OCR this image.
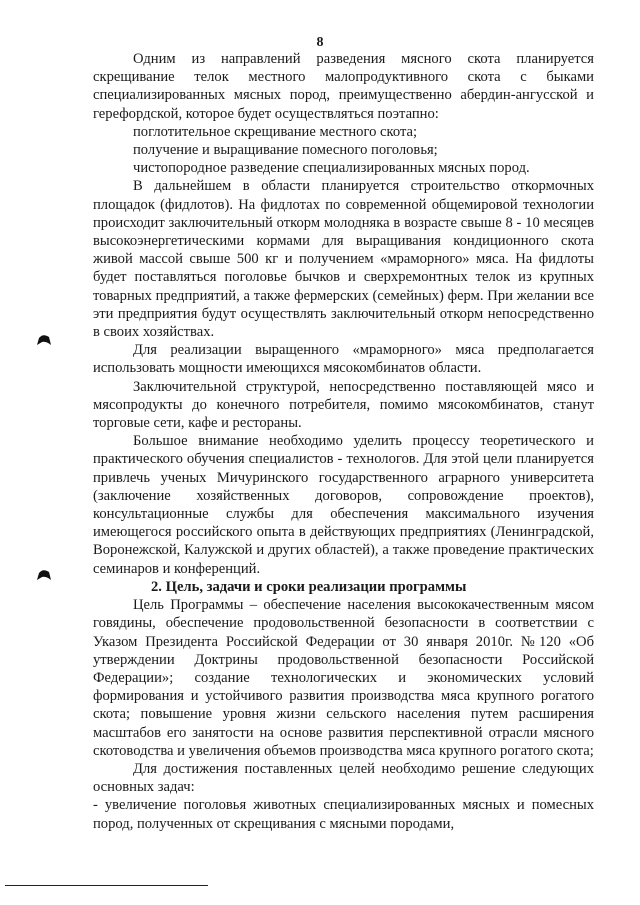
8

Одним из направлений разведения мясного скота планируется скрещивание телок местного малопродуктивного скота с быками специализированных мясных пород, преимущественно абердин-ангусской и герефордской, которое будет осуществляться поэтапно:

поглотительное скрещивание местного скота;

получение и выращивание помесного поголовья;

чистопородное разведение специализированных мясных пород.

В дальнейшем в области планируется строительство откормочных площадок (фидлотов). На фидлотах по современной общемировой технологии происходит заключительный откорм молодняка в возрасте свыше 8 - 10 месяцев высокоэнергетическими кормами для выращивания кондиционного скота живой массой свыше 500 кг и получением «мраморного» мяса. На фидлоты будет поставляться поголовье бычков и сверхремонтных телок из крупных товарных предприятий, а также фермерских (семейных) ферм. При желании все эти предприятия будут осуществлять заключительный откорм непосредственно в своих хозяйствах.

Для реализации выращенного «мраморного» мяса предполагается использовать мощности имеющихся мясокомбинатов области.

Заключительной структурой, непосредственно поставляющей мясо и мясопродукты до конечного потребителя, помимо мясокомбинатов, станут торговые сети, кафе и рестораны.

Большое внимание необходимо уделить процессу теоретического и практического обучения специалистов - технологов. Для этой цели планируется привлечь ученых Мичуринского государственного аграрного университета (заключение хозяйственных договоров, сопровождение проектов), консультационные службы для обеспечения максимального изучения имеющегося российского опыта в действующих предприятиях (Ленинградской, Воронежской, Калужской и других областей), а также проведение практических семинаров и конференций.

2. Цель, задачи и сроки реализации программы

Цель Программы – обеспечение населения высококачественным мясом говядины, обеспечение продовольственной безопасности в соответствии с Указом Президента Российской Федерации от 30 января 2010г. №120 «Об утверждении Доктрины продовольственной безопасности Российской Федерации»; создание технологических и экономических условий формирования и устойчивого развития производства мяса крупного рогатого скота; повышение уровня жизни сельского населения путем расширения масштабов его занятости на основе развития перспективной отрасли мясного скотоводства и увеличения объемов производства мяса крупного рогатого скота;

Для достижения поставленных целей необходимо решение следующих основных задач:

- увеличение поголовья животных специализированных мясных и помесных пород, полученных от скрещивания с мясными породами,
